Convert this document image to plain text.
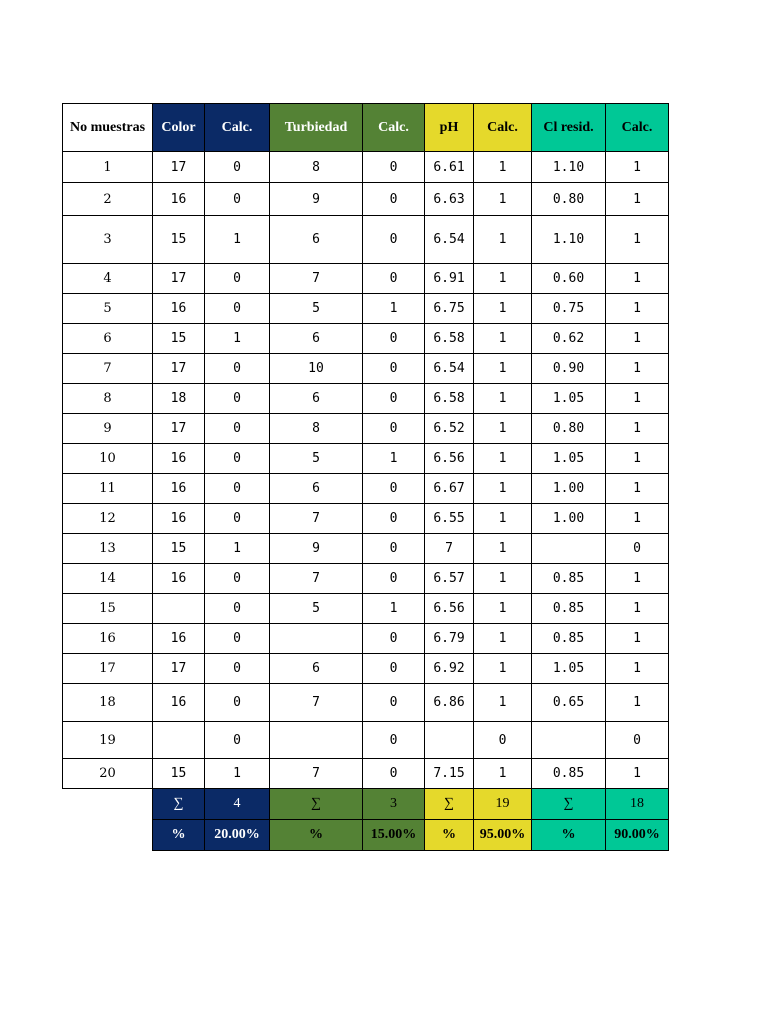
No muestras	Color	Calc.	Turbiedad	Calc.	pH	Calc.	Cl resid.	Calc.
1	17	0	8	0	6.61	1	1.10	1
2	16	0	9	0	6.63	1	0.80	1
3	15	1	6	0	6.54	1	1.10	1
4	17	0	7	0	6.91	1	0.60	1
5	16	0	5	1	6.75	1	0.75	1
6	15	1	6	0	6.58	1	0.62	1
7	17	0	10	0	6.54	1	0.90	1
8	18	0	6	0	6.58	1	1.05	1
9	17	0	8	0	6.52	1	0.80	1
10	16	0	5	1	6.56	1	1.05	1
11	16	0	6	0	6.67	1	1.00	1
12	16	0	7	0	6.55	1	1.00	1
13	15	1	9	0	7	1		0
14	16	0	7	0	6.57	1	0.85	1
15		0	5	1	6.56	1	0.85	1
16	16	0		0	6.79	1	0.85	1
17	17	0	6	0	6.92	1	1.05	1
18	16	0	7	0	6.86	1	0.65	1
19		0		0		0		0
20	15	1	7	0	7.15	1	0.85	1
	∑	4	∑	3	∑	19	∑	18
	%	20.00%	%	15.00%	%	95.00%	%	90.00%
